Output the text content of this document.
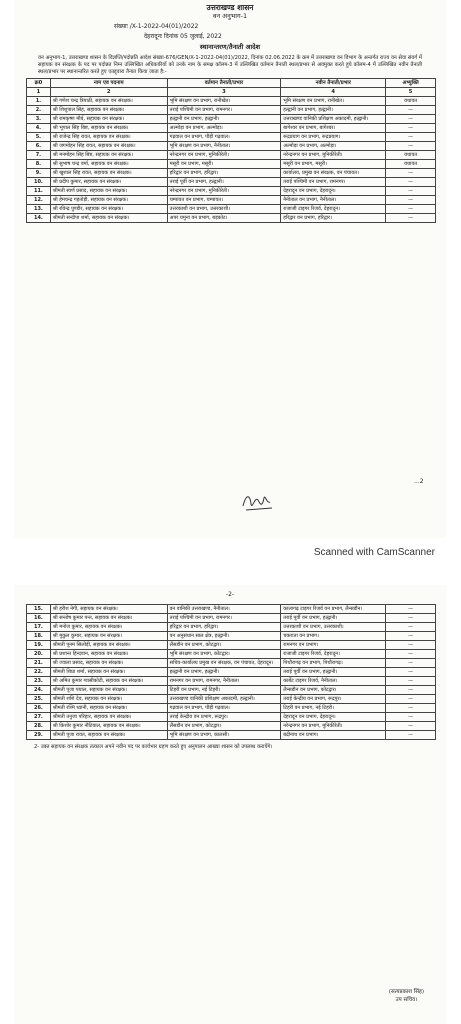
उत्तराखण्ड शासन
वन अनुभाग-1
संख्याः /X-1-2022-04(01)/2022
देहरादूनः दिनांक 05 जुलाई, 2022
स्थानान्तरण/तैनाती आदेश
वन अनुभाग-1, उत्तराखण्ड शासन के विज्ञप्ति/पदोन्नति आदेश संख्या-676/GEN/X-1-2022-04(01)/2022, दिनांक 02.06.2022 के क्रम में उत्तराखण्ड वन विभाग के अन्तर्गत राज्य वन सेवा संवर्ग में सहायक वन संरक्षक के पद पर पदोन्नत निम्न उल्लिखित अधिकारियों को उनके नाम के समक्ष कॉलम-3 में उल्लिखित वर्तमान तैनाती स्थल/प्रभार से अवमुक्त करते हुये कॉलम-4 में उल्लिखित नवीन तैनाती स्थल/प्रभार पर स्थानान्तरित करते हुए एतद्द्वारा तैनात किया जाता है:-
क्र0	नाम एव पदनाम	वर्तमान तैनाती/प्रभार	नवीन तैनाती/प्रभार	अभ्युक्ति
1	2	3	4	5
1.	श्री गणेश चन्द्र त्रिपाठी, सहायक वन संरक्षक।	भूमि संरक्षण वन प्रभाग, रानीखेत।	भूमि संरक्षण वन प्रभाग, रानीखेत।	यथावत
2.	श्री शिशुपाल सिंह, सहायक वन संरक्षक।	तराई पश्चिमी वन प्रभाग, रामनगर।	हल्द्वानी वन प्रभाग, हल्द्वानी।	—
3.	श्री रामकृष्ण मौर्य, सहायक वन संरक्षक।	हल्द्वानी वन प्रभाग, हल्द्वानी।	उत्तराखण्ड वानिकी प्रशिक्षण अकादमी, हल्द्वानी।	—
4.	श्री भूपाल सिंह बिष्ट, सहायक वन संरक्षक।	अल्मोड़ा वन प्रभाग, अल्मोड़ा।	बागेश्वर वन प्रभाग, बागेश्वर।	—
5.	श्री राजेन्द्र सिंह रावत, सहायक वन संरक्षक।	गढ़वाल वन प्रभाग, पौड़ी गढ़वाल।	रूद्रप्रयाग वन प्रभाग, रूद्रप्रयाग।	—
6.	श्री जगमोहन सिंह रावत, सहायक वन संरक्षक।	भूमि संरक्षण वन प्रभाग, नैनीताल।	अल्मोड़ा वन प्रभाग, अल्मोड़ा।	—
7.	श्री मनमोहन सिंह बिष्ट, सहायक वन संरक्षक।	नरेन्द्रनगर वन प्रभाग, मुनिकीरेती।	नरेन्द्रनगर वन प्रभाग, मुनिकीरेती।	यथावत
8.	श्री सुभाष चन्द्र वर्मा, सहायक वन संरक्षक।	मसूरी वन प्रभाग, मसूरी।	मसूरी वन प्रभाग, मसूरी।	यथावत
9.	श्री खुशाल सिंह रावत, सहायक वन संरक्षक।	हरिद्वार वन प्रभाग, हरिद्वार।	कार्यालय, प्रमुख वन संरक्षक, वन पंचायत।	—
10.	श्री प्रदीप कुमार, सहायक वन संरक्षक।	तराई पूर्वी वन प्रभाग, हल्द्वानी।	तराई पश्चिमी वन प्रभाग, रामनगर।	—
11.	श्रीमती स्वर्ण प्रसाद, सहायक वन संरक्षक।	नरेन्द्रनगर वन प्रभाग, मुनिकीरेती।	देहरादून वन प्रभाग, देहरादून।	—
12.	श्री हेमचन्द्र गहतोड़ी, सहायक वन संरक्षक।	चम्पावत वन प्रभाग, चम्पावत।	नैनीताल वन प्रभाग, नैनीताल।	—
13.	श्री रविन्द्र पुण्डीर, सहायक वन संरक्षक।	उत्तरकाशी वन प्रभाग, उत्तरकाशी।	राजाजी टाइगर रिजर्व, देहरादून।	—
14.	श्रीमती सन्दीपा शर्मा, सहायक वन संरक्षक।	अपर यमुना वन प्रभाग, बड़कोट।	हरिद्वार वन प्रभाग, हरिद्वार।	—
...2
Scanned with CamScanner
-2-
15.	श्री हरीश नेगी, सहायक वन संरक्षक।	वन वानिकी उत्तराखण्ड, नैनीताल।	कालागढ़ टाइगर रिजर्व वन प्रभाग, लैन्सडौन।	—
16.	श्री सन्तोष कुमार पन्त, सहायक वन संरक्षक।	तराई पश्चिमी वन प्रभाग, रामनगर।	तराई पूर्वी वन प्रभाग, हल्द्वानी।	—
17.	श्री मनोज कुमार, सहायक वन संरक्षक।	हरिद्वार वन प्रभाग, हरिद्वार।	उत्तरकाशी वन प्रभाग, उत्तरकाशी।	—
18.	श्री मुकुल कुमार, सहायक वन संरक्षक।	वन अनुसंधान साल क्षेत्र, हल्द्वानी।	चकराता वन प्रभाग।	—
19.	श्रीमती पूनम सिलोड़ी, सहायक वन संरक्षक।	लैंसडौन वन प्रभाग, कोटद्वार।	रामनगर वन प्रभाग।	—
20.	श्री प्रशान्त हिन्दवान, सहायक वन संरक्षक।	भूमि संरक्षण वन प्रभाग, कोटद्वार।	राजाजी टाइगर रिजर्व, देहरादून।	—
21.	श्री ज्वाला प्रसाद, सहायक वन संरक्षक।	सचिव-कार्यालय प्रमुख वन संरक्षक, वन पंचायत, देहरादून।	पिथौरागढ़ वन प्रभाग, पिथौरागढ़।	—
22.	श्रीमती शिप्रा शर्मा, सहायक वन संरक्षक।	हल्द्वानी वन प्रभाग, हल्द्वानी।	तराई पूर्वी वन प्रभाग, हल्द्वानी।	—
23.	श्री अमित कुमार ग्वासीकोटी, सहायक वन संरक्षक।	रामनगर वन प्रभाग, रामनगर, नैनीताल।	कार्बेट टाइगर रिजर्व, नैनीताल।	—
24.	श्रीमती पूजा पयाल, सहायक वन संरक्षक।	टिहरी वन प्रभाग, नई टिहरी।	लैन्सडौन वन प्रभाग, कोटद्वार।	—
25.	श्रीमती शशि देव, सहायक वन संरक्षक।	उत्तराखण्ड वानिकी प्रशिक्षण अकादमी, हल्द्वानी।	तराई केन्द्रीय वन प्रभाग, रूद्रपुर।	—
26.	श्रीमती रश्मि ध्यानी, सहायक वन संरक्षक।	गढ़वाल वन प्रभाग, पौड़ी गढ़वाल।	टिहरी वन प्रभाग, नई टिहरी।	—
27.	श्रीमती तनुजा परिहार, सहायक वन संरक्षक।	तराई केन्द्रीय वन प्रभाग, रूद्रपुर।	देहरादून वन प्रभाग, देहरादून।	—
28.	श्री किशोर कुमार नौटियाल, सहायक वन संरक्षक।	लैंसडौन वन प्रभाग, कोटद्वार।	नरेन्द्रनगर वन प्रभाग, मुनिकीरेती।	—
29.	श्रीमती पूजा रावत, सहायक वन संरक्षक।	भूमि संरक्षण वन प्रभाग, कालसी।	बद्रीनाथ वन प्रभाग।	—
2- उक्त सहायक वन संरक्षक तत्काल अपने नवीन पद पर कार्यभार ग्रहण करते हुए अनुपालन आख्या शासन को उपलब्ध करायेंगे।
(सत्यप्रकाश सिंह)
उप सचिव।
